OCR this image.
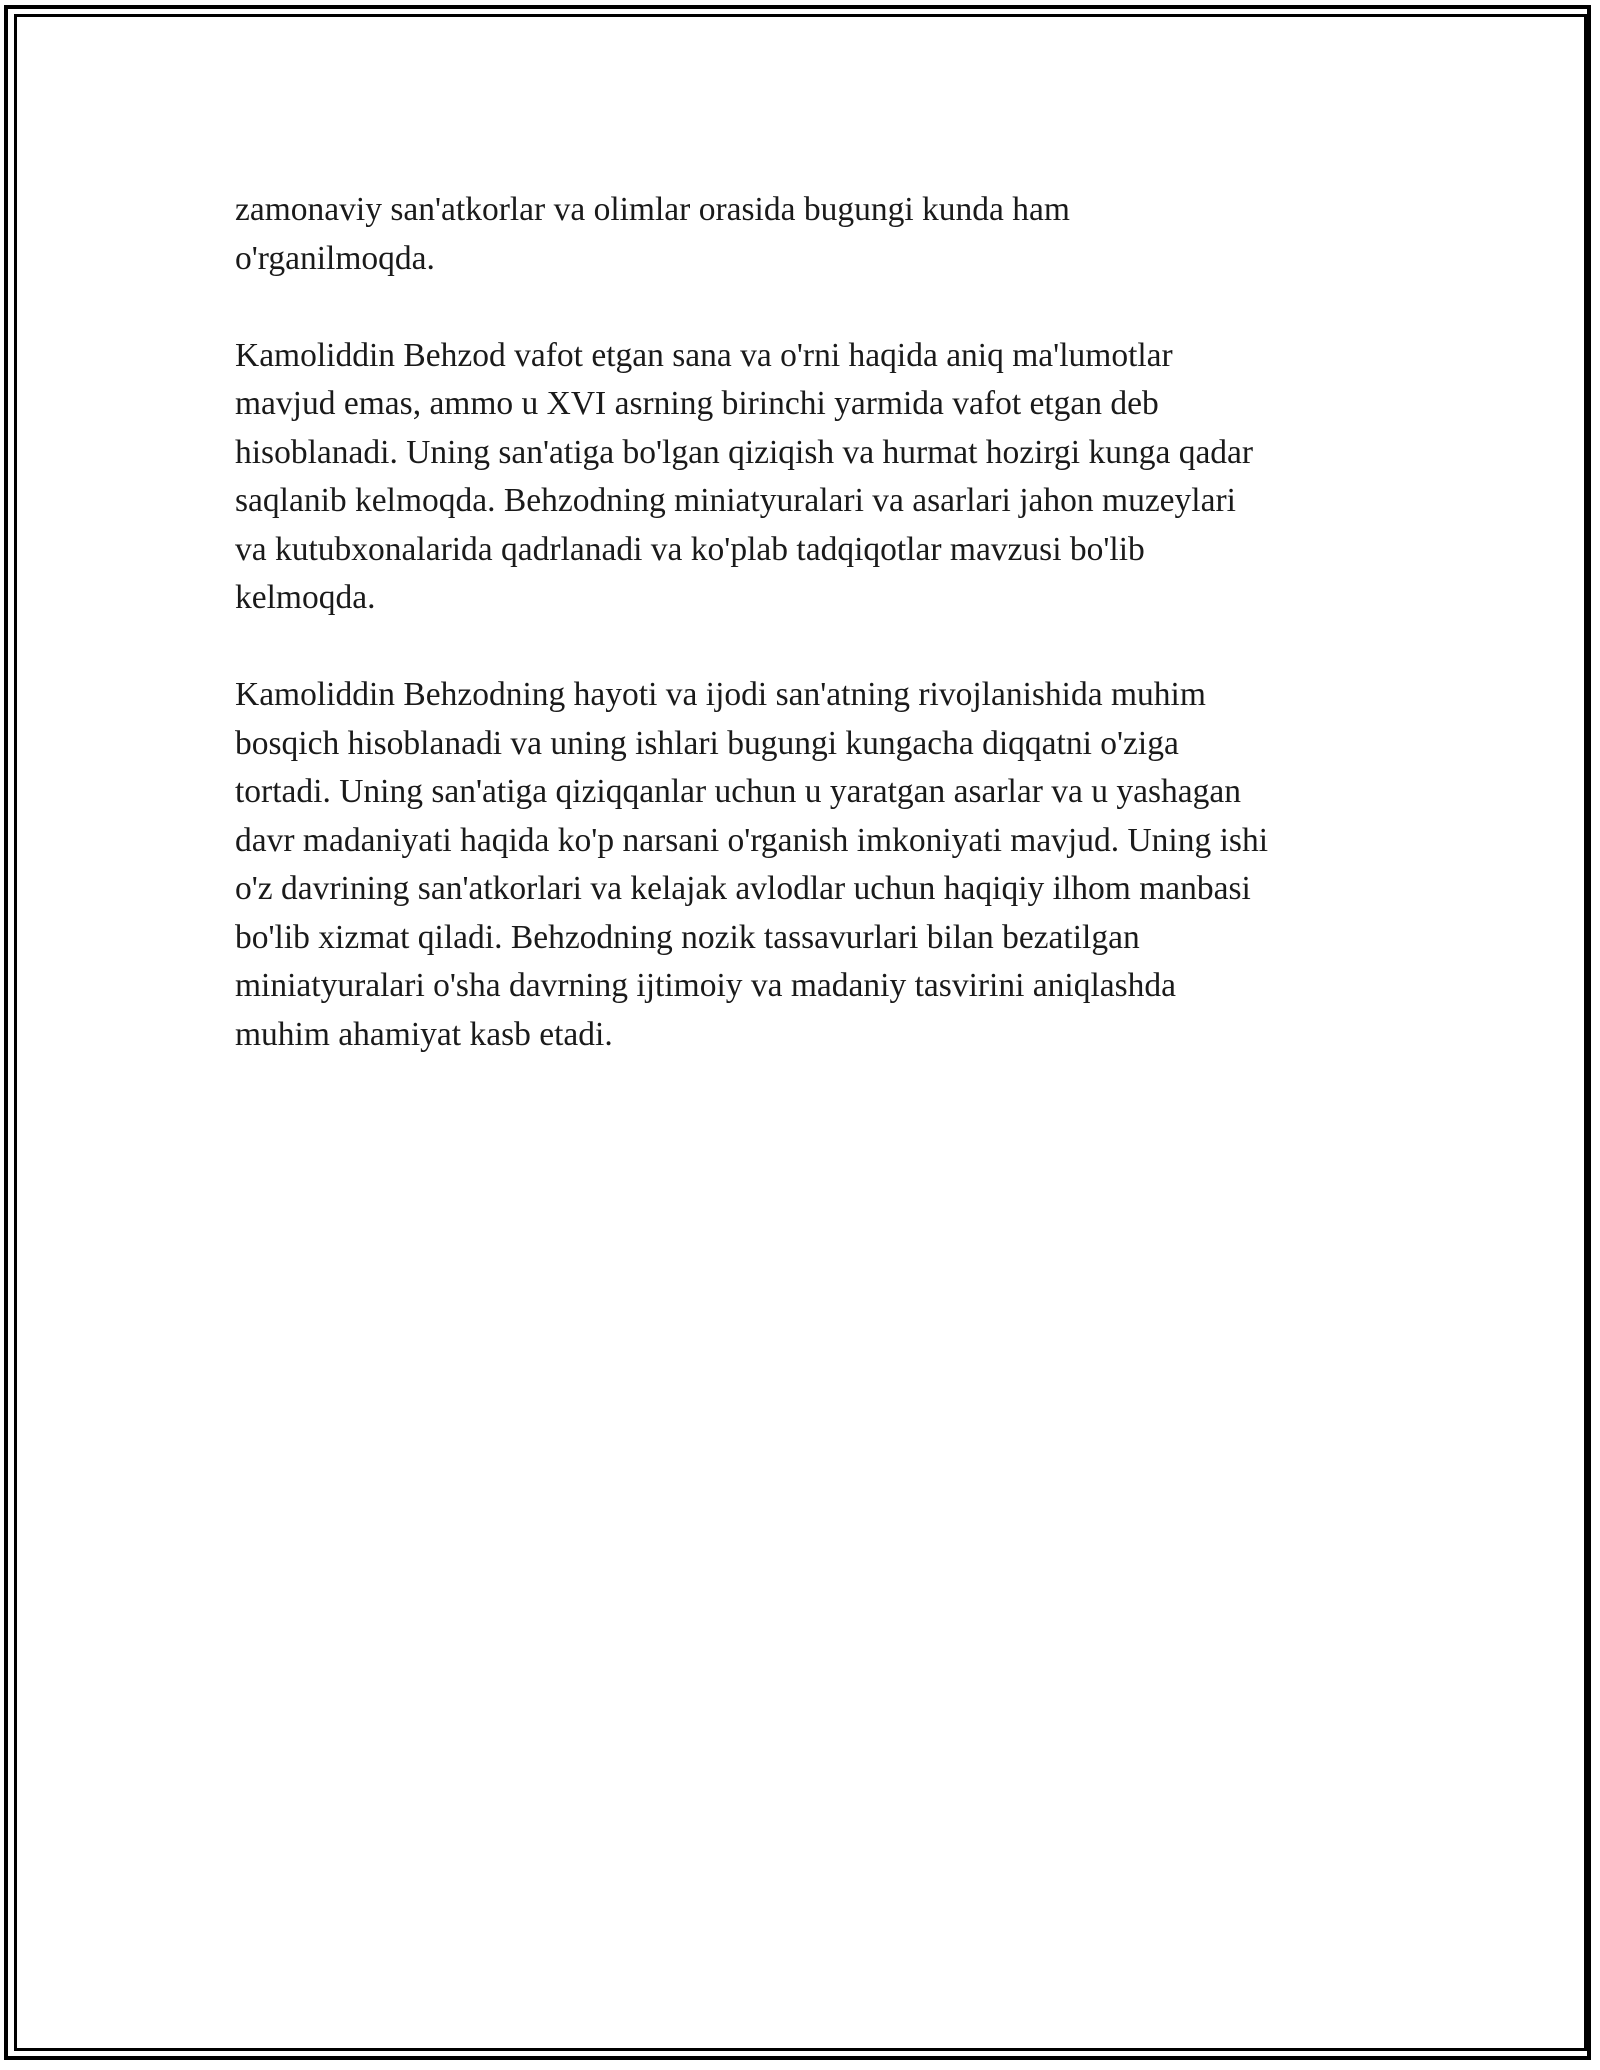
zamonaviy san'atkorlar va olimlar orasida bugungi kunda ham
o'rganilmoqda.

Kamoliddin Behzod vafot etgan sana va o'rni haqida aniq ma'lumotlar
mavjud emas, ammo u XVI asrning birinchi yarmida vafot etgan deb
hisoblanadi. Uning san'atiga bo'lgan qiziqish va hurmat hozirgi kunga qadar
saqlanib kelmoqda. Behzodning miniatyuralari va asarlari jahon muzeylari
va kutubxonalarida qadrlanadi va ko'plab tadqiqotlar mavzusi bo'lib
kelmoqda.

Kamoliddin Behzodning hayoti va ijodi san'atning rivojlanishida muhim
bosqich hisoblanadi va uning ishlari bugungi kungacha diqqatni o'ziga
tortadi. Uning san'atiga qiziqqanlar uchun u yaratgan asarlar va u yashagan
davr madaniyati haqida ko'p narsani o'rganish imkoniyati mavjud. Uning ishi
o'z davrining san'atkorlari va kelajak avlodlar uchun haqiqiy ilhom manbasi
bo'lib xizmat qiladi. Behzodning nozik tassavurlari bilan bezatilgan
miniatyuralari o'sha davrning ijtimoiy va madaniy tasvirini aniqlashda
muhim ahamiyat kasb etadi.
